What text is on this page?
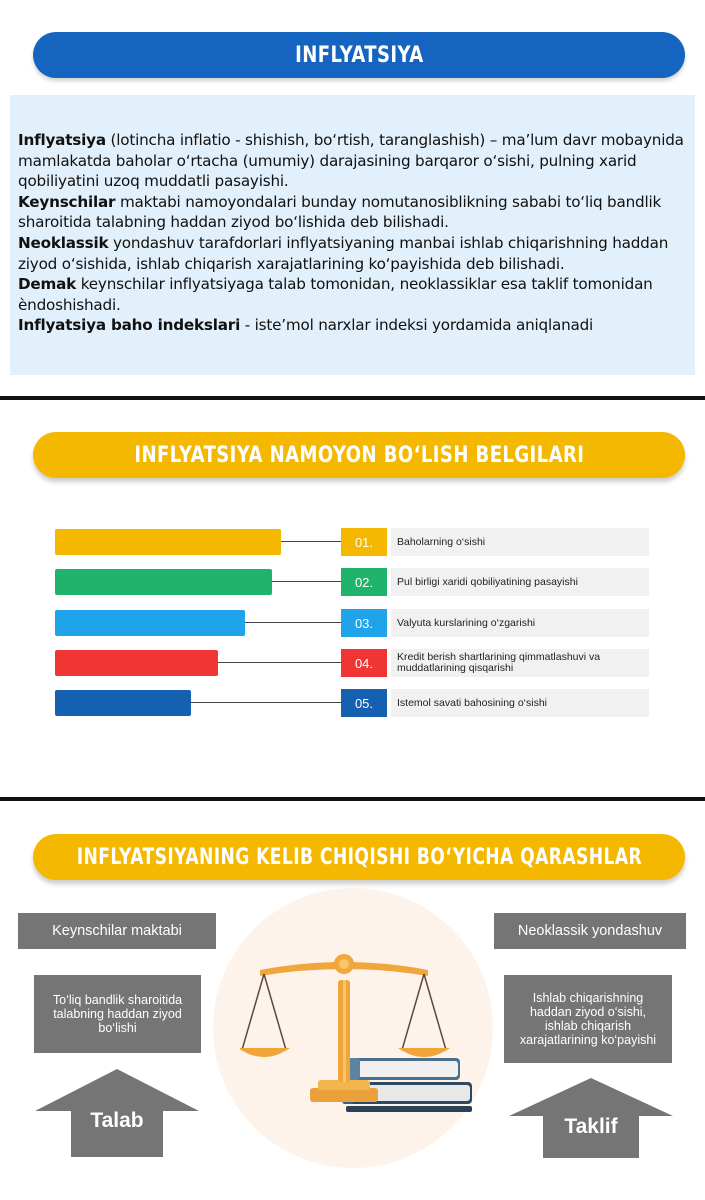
INFLYATSIYA

Inflyatsiya (lotincha inflatio - shishish, bo‘rtish, taranglashish) – ma’lum davr mobaynida mamlakatda baholar o‘rtacha (umumiy) darajasining barqaror o‘sishi, pulning xarid qobiliyatini uzoq muddatli pasayishi.

Keynschilar maktabi namoyondalari bunday nomutanosiblikning sababi to‘liq bandlik sharoitida talabning haddan ziyod bo‘lishida deb bilishadi.

Neoklassik yondashuv tarafdorlari inflyatsiyaning manbai ishlab chiqarishning haddan ziyod o‘sishida, ishlab chiqarish xarajatlarining ko‘payishida deb bilishadi.

Demak keynschilar inflyatsiyaga talab tomonidan, neoklassiklar esa taklif tomonidan èndoshishadi.

Inflyatsiya baho indekslari - iste’mol narxlar indeksi yordamida aniqlanadi

INFLYATSIYA NAMOYON BO‘LISH BELGILARI
01.	Baholarning o‘sishi
02.	Pul birligi xaridi qobiliyatining pasayishi
03.	Valyuta kurslarining o‘zgarishi
04.	Kredit berish shartlarining qimmatlashuvi va muddatlarining qisqarishi
05.	Istemol savati bahosining o‘sishi
INFLYATSIYANING KELIB CHIQISHI BO‘YICHA QARASHLAR
Keynschilar maktabi
To‘liq bandlik sharoitida talabning haddan ziyod bo‘lishi
Talab
Neoklassik yondashuv
Ishlab chiqarishning haddan ziyod o‘sishi, ishlab chiqarish xarajatlarining ko‘payishi
Taklif
